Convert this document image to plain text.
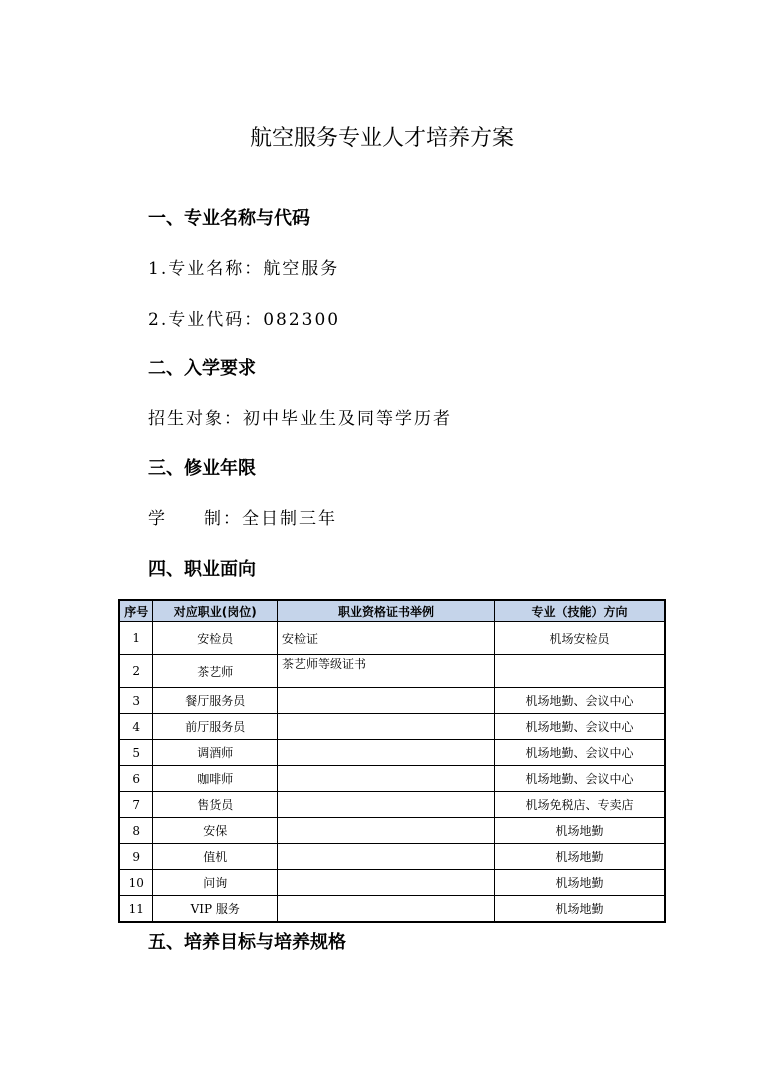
航空服务专业人才培养方案
一、专业名称与代码
1.专业名称：航空服务
2.专业代码：082300
二、入学要求
招生对象：初中毕业生及同等学历者
三、修业年限
学 制：全日制三年
四、职业面向
序号	对应职业(岗位)	职业资格证书举例	专业（技能）方向
1	安检员	安检证	机场安检员
2	茶艺师	茶艺师等级证书	
3	餐厅服务员		机场地勤、会议中心
4	前厅服务员		机场地勤、会议中心
5	调酒师		机场地勤、会议中心
6	咖啡师		机场地勤、会议中心
7	售货员		机场免税店、专卖店
8	安保		机场地勤
9	值机		机场地勤
10	问询		机场地勤
11	VIP 服务		机场地勤
五、培养目标与培养规格
